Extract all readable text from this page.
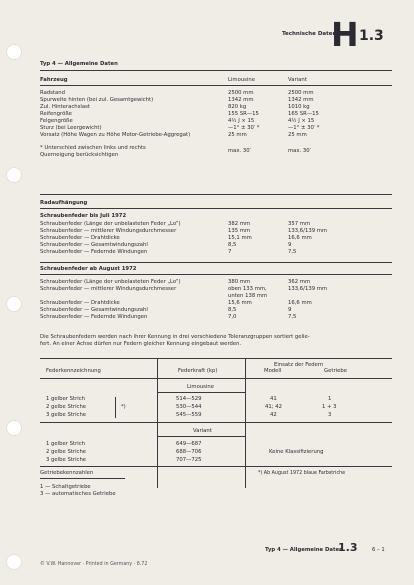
Technische Daten
H 1.3
Typ 4 — Allgemeine Daten
Fahrzeug	Limousine	Variant
Radstand	2500 mm	2500 mm
Spurweite hinten (bei zul. Gesamtgewicht)	1342 mm	1342 mm
Zul. Hinterachslast	820 kg	1010 kg
Reifengröße	155 SR—15	165 SR—15
Felgengröße	4½ J × 15	4½ J × 15
Sturz (bei Leergewicht)	—1° ± 30′ *	—1° ± 30′ *
Vorsatz (Höhe Wagen zu Höhe Motor-Getriebe-Aggregat)	25 mm	25 mm
* Unterschied zwischen links und rechts
Querneigung berücksichtigen
max. 30′	max. 30′
Radaufhängung
Schraubenfeder bis Juli 1972
Schraubenfeder (Länge der unbelasteten Feder „Lo“)	382 mm	357 mm
Schraubenfeder — mittlerer Windungsdurchmesser	135 mm	133,6/139 mm
Schraubenfeder — Drahtdicke	15,1 mm	16,6 mm
Schraubenfeder — Gesamtwindungszahl	8,5	9
Schraubenfeder — Federnde Windungen	7	7,5
Schraubenfeder ab August 1972
Schraubenfeder (Länge der unbelasteten Feder „Lo“)	380 mm	362 mm
Schraubenfeder — mittlerer Windungsdurchmesser	oben 133 mm,	133,6/139 mm
unten 138 mm
Schraubenfeder — Drahtdicke	15,6 mm	16,6 mm
Schraubenfeder — Gesamtwindungszahl	8,5	9
Schraubenfeder — Federnde Windungen	7,0	7,5
Die Schraubenfedern werden nach ihrer Kennung in drei verschiedene Toleranzgruppen sortiert gelie-
fert. An einer Achse dürfen nur Federn gleicher Kennung eingebaut werden.
Federkennzeichnung	Federkraft (kp)
Einsatz der Federn
Modell	Getriebe
Limousine
1 gelber Strich	514—529	41	1
2 gelbe Striche	530—544	41; 42	1 + 3
3 gelbe Striche	545—559	42	3
*)
Variant
1 gelber Strich	649—687
2 gelbe Striche	688—706
3 gelbe Striche	707—725
Keine Klassifizierung
Getriebekennzahlen	*) Ab August 1972 blaue Farbstriche
1 — Schaltgetriebe
3 — automatisches Getriebe
© V.W. Hannover · Printed in Germany · 8.72
Typ 4 — Allgemeine Daten
1.3	6 – 1
